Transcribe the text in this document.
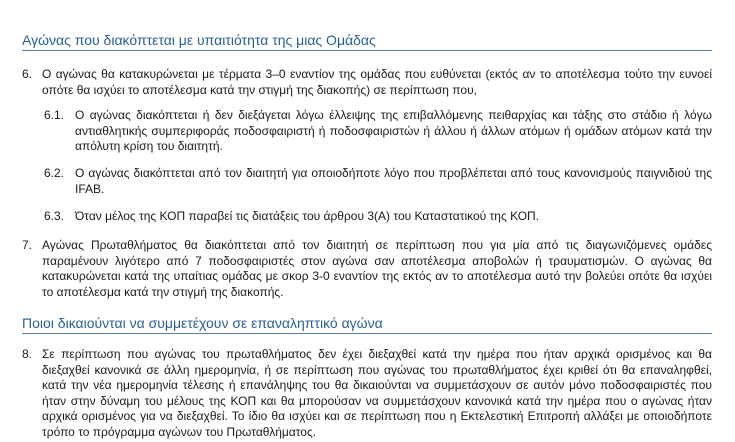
Αγώνας που διακόπτεται με υπαιτιότητα της μιας Ομάδας
6. Ο αγώνας θα κατακυρώνεται με τέρματα 3–0 εναντίον της ομάδας που ευθύνεται (εκτός αν το αποτέλεσμα τούτο την ευνοεί οπότε θα ισχύει το αποτέλεσμα κατά την στιγμή της διακοπής) σε περίπτωση που,
6.1. Ο αγώνας διακόπτεται ή δεν διεξάγεται λόγω έλλειψης της επιβαλλόμενης πειθαρχίας και τάξης στο στάδιο ή λόγω αντιαθλητικής συμπεριφοράς ποδοσφαιριστή ή ποδοσφαιριστών ή άλλου ή άλλων ατόμων ή ομάδων ατόμων κατά την απόλυτη κρίση του διαιτητή.
6.2. Ο αγώνας διακόπτεται από τον διαιτητή για οποιοδήποτε λόγο που προβλέπεται από τους κανονισμούς παιγνιδιού της IFAB.
6.3. Όταν μέλος της ΚΟΠ παραβεί τις διατάξεις του άρθρου 3(Α) του Καταστατικού της ΚΟΠ.
7. Αγώνας Πρωταθλήματος θα διακόπτεται από τον διαιτητή σε περίπτωση που για μία από τις διαγωνιζόμενες ομάδες παραμένουν λιγότερο από 7 ποδοσφαιριστές στον αγώνα σαν αποτέλεσμα αποβολών ή τραυματισμών. Ο αγώνας θα κατακυρώνεται κατά της υπαίτιας ομάδας με σκορ 3-0 εναντίον της εκτός αν το αποτέλεσμα αυτό την βολεύει οπότε θα ισχύει το αποτέλεσμα κατά την στιγμή της διακοπής.
Ποιοι δικαιούνται να συμμετέχουν σε επαναληπτικό αγώνα
8. Σε περίπτωση που αγώνας του πρωταθλήματος δεν έχει διεξαχθεί κατά την ημέρα που ήταν αρχικά ορισμένος και θα διεξαχθεί κανονικά σε άλλη ημερομηνία, ή σε περίπτωση που αγώνας του πρωταθλήματος έχει κριθεί ότι θα επαναληφθεί, κατά την νέα ημερομηνία τέλεσης ή επανάληψης του θα δικαιούνται να συμμετάσχουν σε αυτόν μόνο ποδοσφαιριστές που ήταν στην δύναμη του μέλους της ΚΟΠ και θα μπορούσαν να συμμετάσχουν κανονικά κατά την ημέρα που ο αγώνας ήταν αρχικά ορισμένος για να διεξαχθεί. Το ίδιο θα ισχύει και σε περίπτωση που η Εκτελεστική Επιτροπή αλλάξει με οποιοδήποτε τρόπο το πρόγραμμα αγώνων του Πρωταθλήματος.
